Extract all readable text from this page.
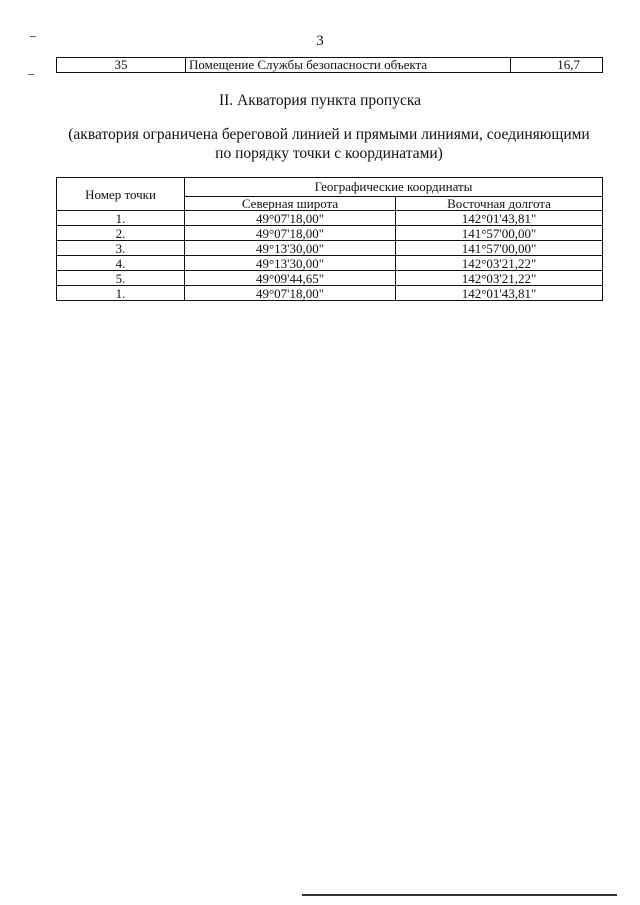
3
35	Помещение Службы безопасности объекта	16,7
II. Акватория пункта пропуска
(акватория ограничена береговой линией и прямыми линиями, соединяющими по порядку точки с координатами)
Номер точки	Географические координаты	
	Северная широта	Восточная долгота
1.	49°07'18,00"	142°01'43,81"
2.	49°07'18,00"	141°57'00,00"
3.	49°13'30,00"	141°57'00,00"
4.	49°13'30,00"	142°03'21,22"
5.	49°09'44,65"	142°03'21,22"
1.	49°07'18,00"	142°01'43,81"
